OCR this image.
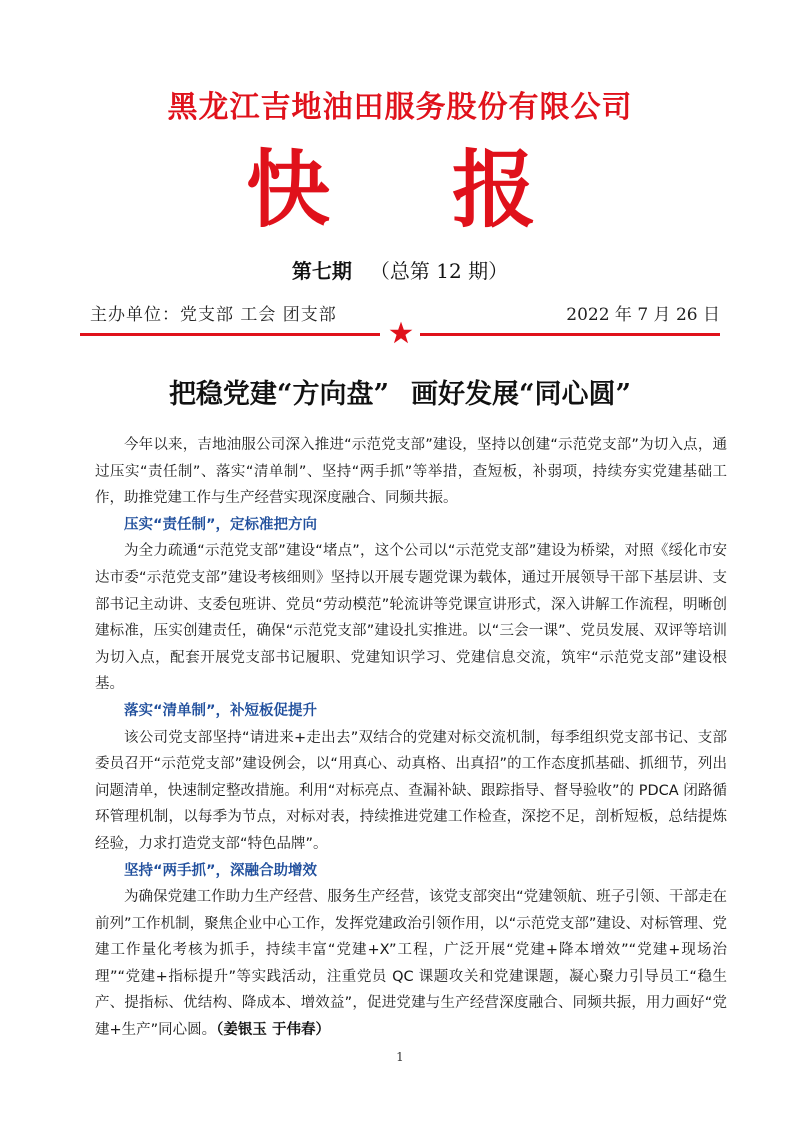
黑龙江吉地油田服务股份有限公司
快 报
第七期 （总第 12 期）
主办单位：党支部 工会 团支部	2022 年 7 月 26 日
把稳党建“方向盘” 画好发展“同心圆”

今年以来，吉地油服公司深入推进“示范党支部”建设，坚持以创建“示范党支部”为切入点，通过压实“责任制”、落实“清单制”、坚持“两手抓”等举措，查短板，补弱项，持续夯实党建基础工作，助推党建工作与生产经营实现深度融合、同频共振。

　　压实“责任制”，定标准把方向

为全力疏通“示范党支部”建设“堵点”，这个公司以“示范党支部”建设为桥梁，对照《绥化市安达市委“示范党支部”建设考核细则》坚持以开展专题党课为载体，通过开展领导干部下基层讲、支部书记主动讲、支委包班讲、党员“劳动模范”轮流讲等党课宣讲形式，深入讲解工作流程，明晰创建标准，压实创建责任，确保“示范党支部”建设扎实推进。以“三会一课”、党员发展、双评等培训为切入点，配套开展党支部书记履职、党建知识学习、党建信息交流，筑牢“示范党支部”建设根基。

　　落实“清单制”，补短板促提升

该公司党支部坚持“请进来+走出去”双结合的党建对标交流机制，每季组织党支部书记、支部委员召开“示范党支部”建设例会，以“用真心、动真格、出真招”的工作态度抓基础、抓细节，列出问题清单，快速制定整改措施。利用“对标亮点、查漏补缺、跟踪指导、督导验收”的 PDCA 闭路循环管理机制，以每季为节点，对标对表，持续推进党建工作检查，深挖不足，剖析短板，总结提炼经验，力求打造党支部“特色品牌”。

　　坚持“两手抓”，深融合助增效

为确保党建工作助力生产经营、服务生产经营，该党支部突出“党建领航、班子引领、干部走在前列”工作机制，聚焦企业中心工作，发挥党建政治引领作用，以“示范党支部”建设、对标管理、党建工作量化考核为抓手，持续丰富“党建+X”工程，广泛开展“党建+降本增效”“党建+现场治理”“党建+指标提升”等实践活动，注重党员 QC 课题攻关和党建课题，凝心聚力引导员工“稳生产、提指标、优结构、降成本、增效益”，促进党建与生产经营深度融合、同频共振，用力画好“党建+生产”同心圆。（姜银玉 于伟春）

1
